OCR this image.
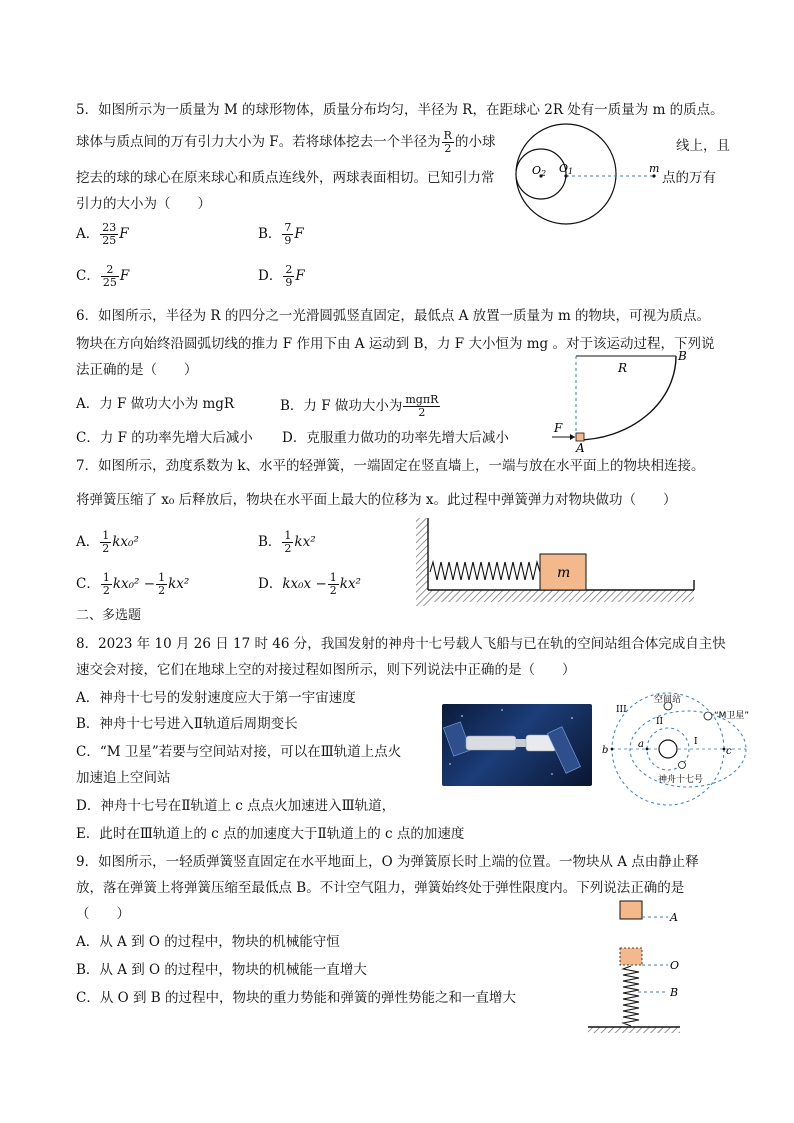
5．如图所示为一质量为 M 的球形物体，质量分布均匀，半径为 R，在距球心 2R 处有一质量为 m 的质点。
球体与质点间的万有引力大小为 F。若将球体挖去一个半径为 $\frac{R}{2}$ 的小球	线上，且
挖去的球的球心在原来球心和质点连线外，两球表面相切。已知引力常	点的万有
引力的大小为（　　）
O2 O1	m
A． $\frac{23}{25}$ F	B． $\frac{7}{9}$ F
C． $\frac{2}{25}$ F	D． $\frac{2}{9}$ F
6．如图所示，半径为 R 的四分之一光滑圆弧竖直固定，最低点 A 放置一质量为 m 的物块，可视为质点。
物块在方向始终沿圆弧切线的推力 F 作用下由 A 运动到 B，力 F 大小恒为 mg 。对于该运动过程，下列说
法正确的是（　　）
A．力 F 做功大小为 mgR	B．力 F 做功大小为 $\frac{\text{mgπR}}{2}$
C．力 F 的功率先增大后减小 D．克服重力做功的功率先增大后减小
B
R
F
A
7．如图所示，劲度系数为 k、水平的轻弹簧，一端固定在竖直墙上，一端与放在水平面上的物块相连接。
将弹簧压缩了 x₀ 后释放后，物块在水平面上最大的位移为 x。此过程中弹簧弹力对物块做功（　　）
A． $\frac{1}{2} kx_0^2$	B． $\frac{1}{2} kx^2$
C． $\frac{1}{2} kx_0^2 - \frac{1}{2} kx^2$	D．$kx_0x - \frac{1}{2} kx^2$
m
二、多选题
8．2023 年 10 月 26 日 17 时 46 分，我国发射的神舟十七号载人飞船与已在轨的空间站组合体完成自主快
速交会对接，它们在地球上空的对接过程如图所示，则下列说法中正确的是（　　）
A．神舟十七号的发射速度应大于第一宇宙速度
B．神舟十七号进入Ⅱ轨道后周期变长
C．“M 卫星”若要与空间站对接，可以在Ⅲ轨道上点火
加速追上空间站
D．神舟十七号在Ⅱ轨道上 c 点点火加速进入Ⅲ轨道，
E．此时在Ⅲ轨道上的 c 点的加速度大于Ⅱ轨道上的 c 点的加速度
空间站
III
II
I
“M卫星”
b
a
c
神舟十七号
9．如图所示，一轻质弹簧竖直固定在水平地面上，O 为弹簧原长时上端的位置。一物块从 A 点由静止释
放，落在弹簧上将弹簧压缩至最低点 B。不计空气阻力，弹簧始终处于弹性限度内。下列说法正确的是
（　　）
A．从 A 到 O 的过程中，物块的机械能守恒
B．从 A 到 O 的过程中，物块的机械能一直增大
C．从 O 到 B 的过程中，物块的重力势能和弹簧的弹性势能之和一直增大
A
O
B
